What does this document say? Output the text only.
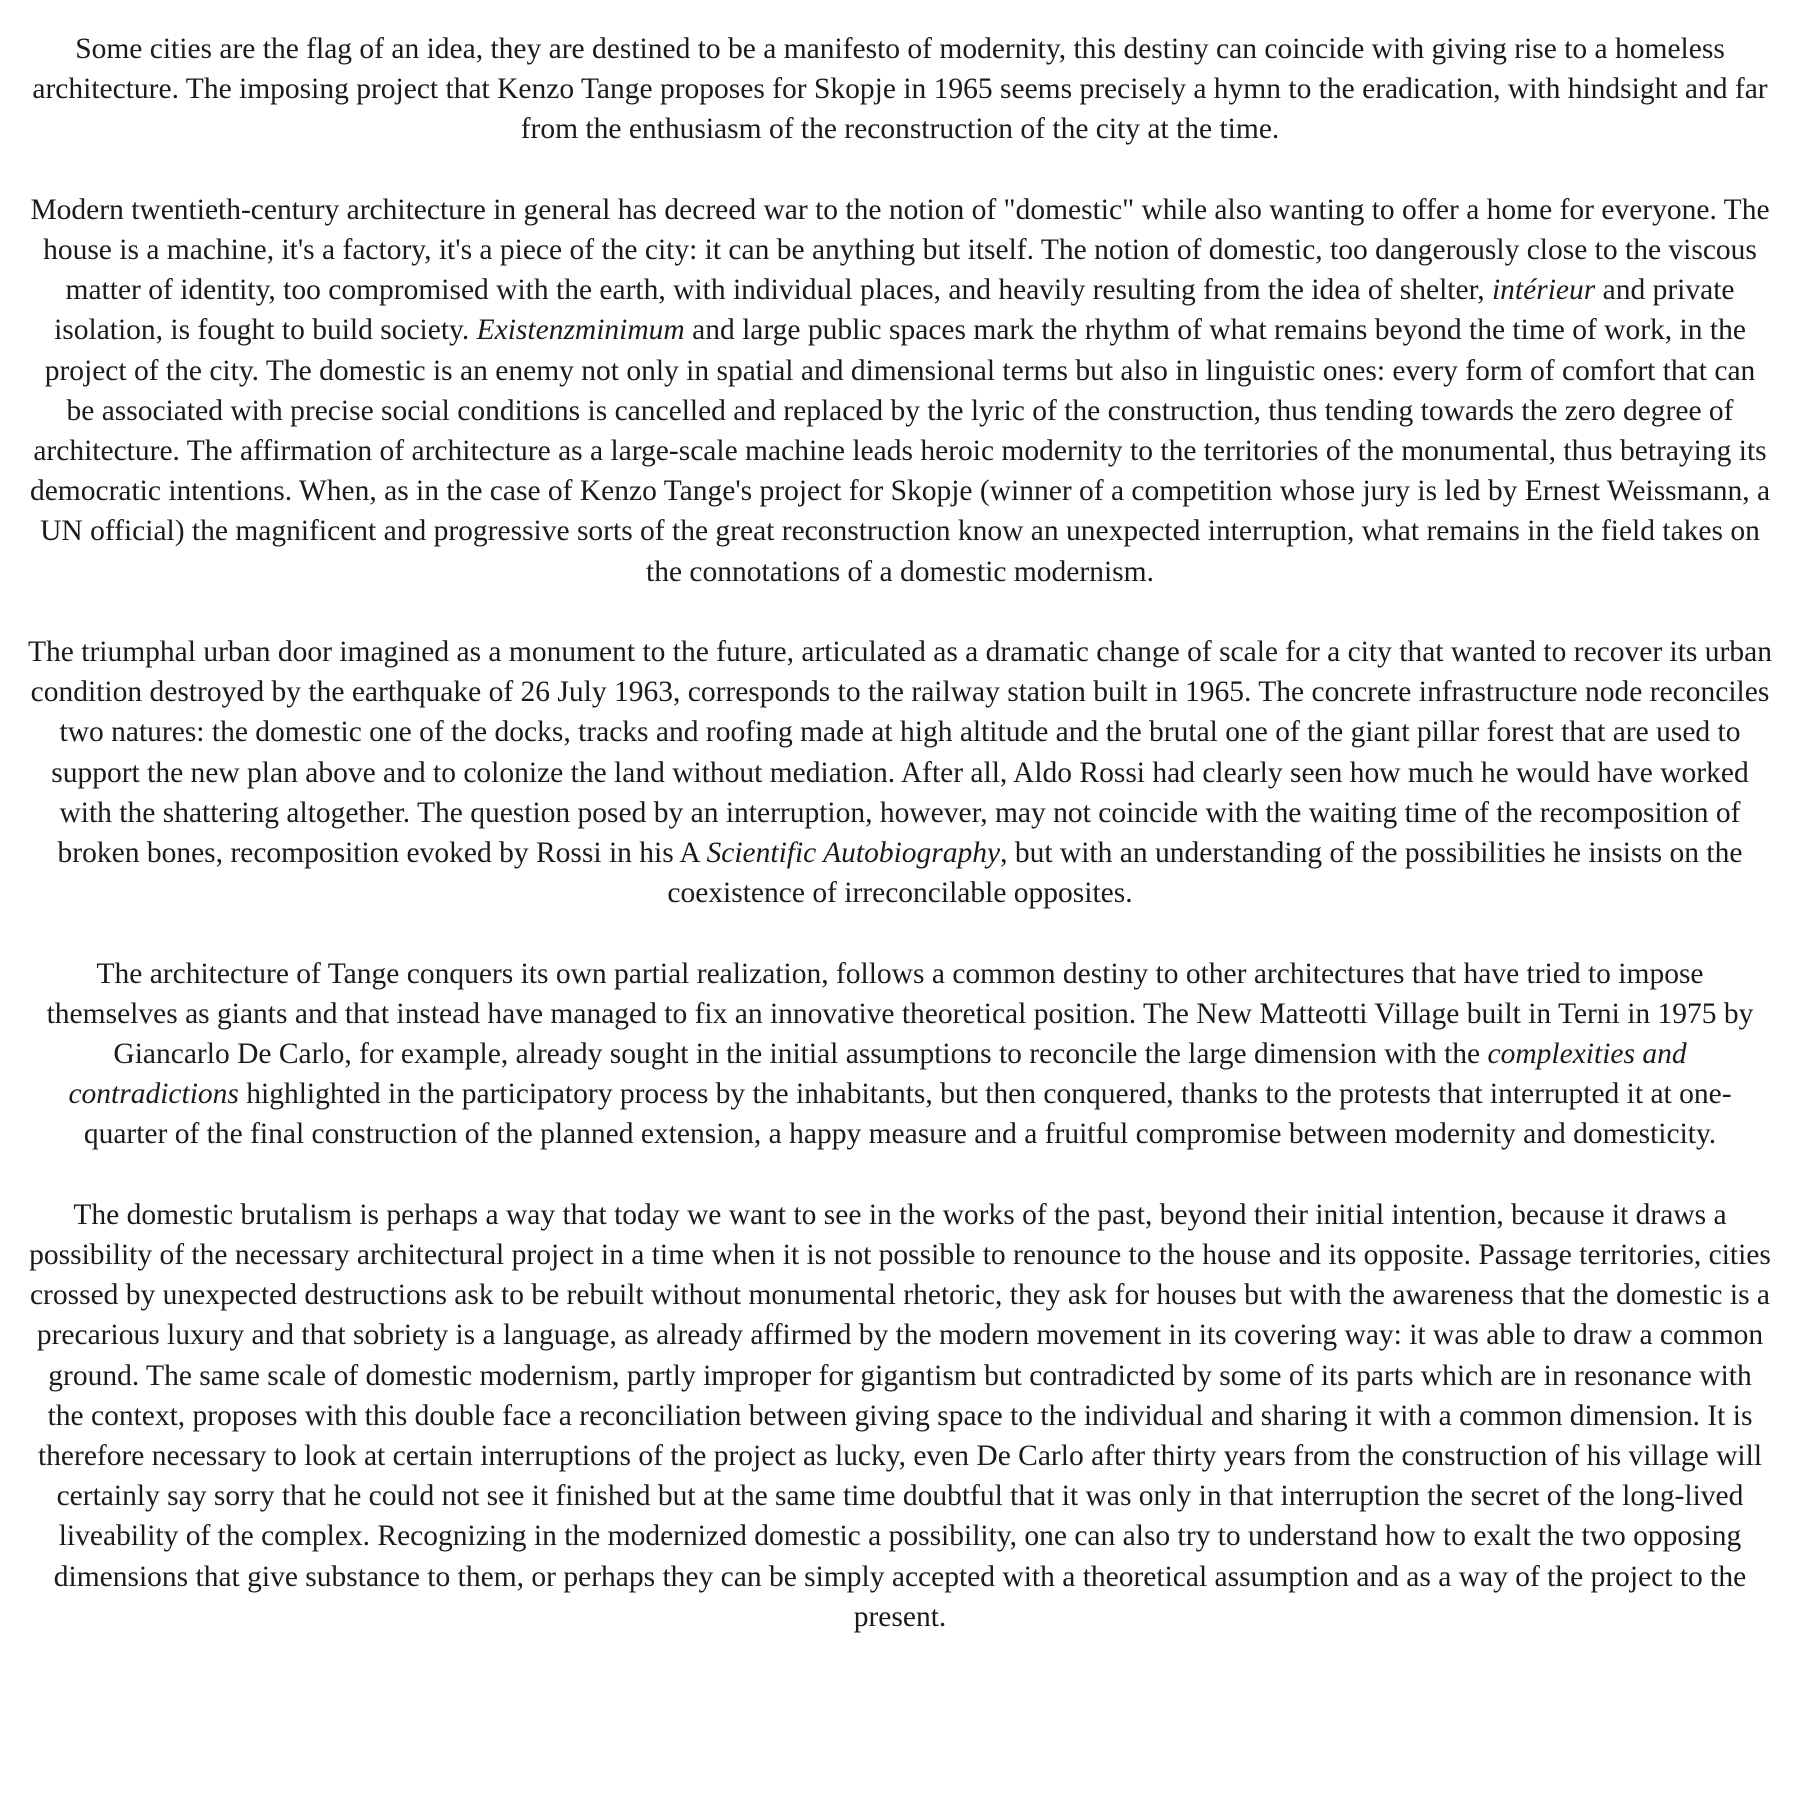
Some cities are the flag of an idea, they are destined to be a manifesto of modernity, this destiny can coincide with giving rise to a homeless architecture. The imposing project that Kenzo Tange proposes for Skopje in 1965 seems precisely a hymn to the eradication, with hindsight and far from the enthusiasm of the reconstruction of the city at the time.

Modern twentieth-century architecture in general has decreed war to the notion of "domestic" while also wanting to offer a home for everyone. The house is a machine, it's a factory, it's a piece of the city: it can be anything but itself. The notion of domestic, too dangerously close to the viscous matter of identity, too compromised with the earth, with individual places, and heavily resulting from the idea of shelter, intérieur and private isolation, is fought to build society. Existenzminimum and large public spaces mark the rhythm of what remains beyond the time of work, in the project of the city. The domestic is an enemy not only in spatial and dimensional terms but also in linguistic ones: every form of comfort that can be associated with precise social conditions is cancelled and replaced by the lyric of the construction, thus tending towards the zero degree of architecture. The affirmation of architecture as a large-scale machine leads heroic modernity to the territories of the monumental, thus betraying its democratic intentions. When, as in the case of Kenzo Tange's project for Skopje (winner of a competition whose jury is led by Ernest Weissmann, a UN official) the magnificent and progressive sorts of the great reconstruction know an unexpected interruption, what remains in the field takes on the connotations of a domestic modernism.

The triumphal urban door imagined as a monument to the future, articulated as a dramatic change of scale for a city that wanted to recover its urban condition destroyed by the earthquake of 26 July 1963, corresponds to the railway station built in 1965. The concrete infrastructure node reconciles two natures: the domestic one of the docks, tracks and roofing made at high altitude and the brutal one of the giant pillar forest that are used to support the new plan above and to colonize the land without mediation. After all, Aldo Rossi had clearly seen how much he would have worked with the shattering altogether. The question posed by an interruption, however, may not coincide with the waiting time of the recomposition of broken bones, recomposition evoked by Rossi in his A Scientific Autobiography, but with an understanding of the possibilities he insists on the coexistence of irreconcilable opposites.

The architecture of Tange conquers its own partial realization, follows a common destiny to other architectures that have tried to impose themselves as giants and that instead have managed to fix an innovative theoretical position. The New Matteotti Village built in Terni in 1975 by Giancarlo De Carlo, for example, already sought in the initial assumptions to reconcile the large dimension with the complexities and contradictions highlighted in the participatory process by the inhabitants, but then conquered, thanks to the protests that interrupted it at one-quarter of the final construction of the planned extension, a happy measure and a fruitful compromise between modernity and domesticity.

The domestic brutalism is perhaps a way that today we want to see in the works of the past, beyond their initial intention, because it draws a possibility of the necessary architectural project in a time when it is not possible to renounce to the house and its opposite. Passage territories, cities crossed by unexpected destructions ask to be rebuilt without monumental rhetoric, they ask for houses but with the awareness that the domestic is a precarious luxury and that sobriety is a language, as already affirmed by the modern movement in its covering way: it was able to draw a common ground. The same scale of domestic modernism, partly improper for gigantism but contradicted by some of its parts which are in resonance with the context, proposes with this double face a reconciliation between giving space to the individual and sharing it with a common dimension. It is therefore necessary to look at certain interruptions of the project as lucky, even De Carlo after thirty years from the construction of his village will certainly say sorry that he could not see it finished but at the same time doubtful that it was only in that interruption the secret of the long-lived liveability of the complex. Recognizing in the modernized domestic a possibility, one can also try to understand how to exalt the two opposing dimensions that give substance to them, or perhaps they can be simply accepted with a theoretical assumption and as a way of the project to the present.
